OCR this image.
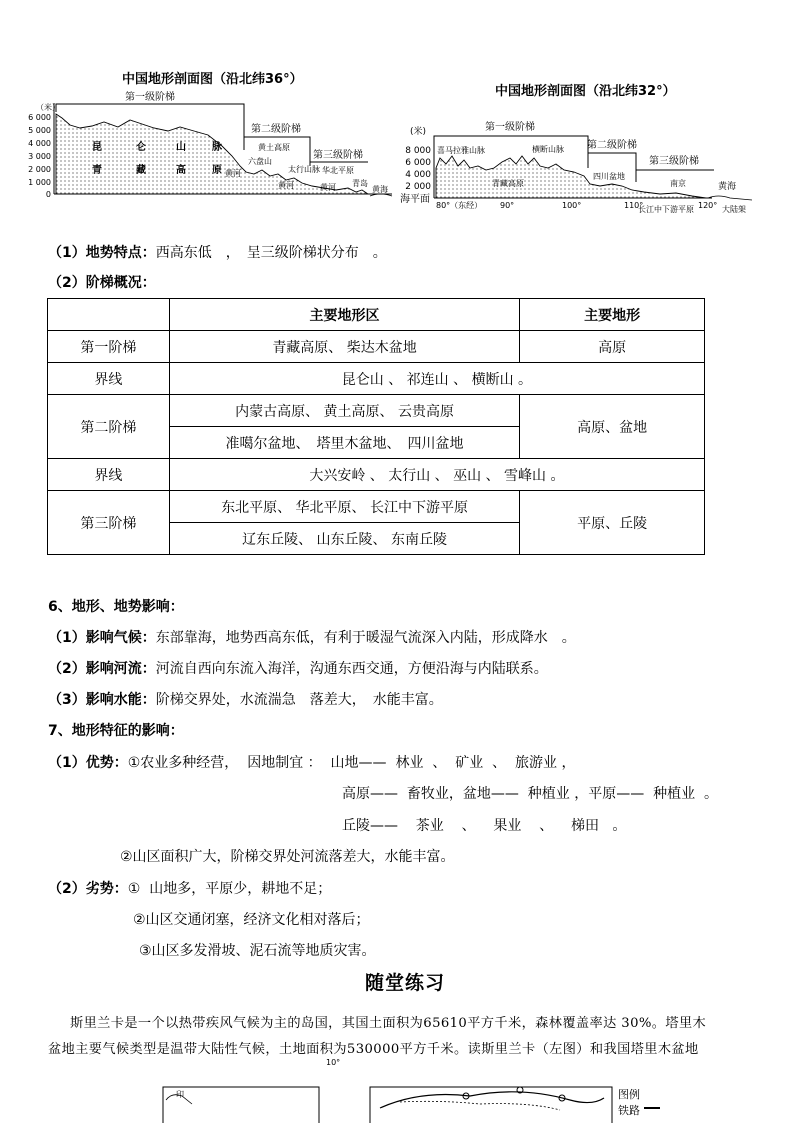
中国地形剖面图（沿北纬36°）
（米）
6 000
5 000
4 000
3 000
2 000
1 000
0
第一级阶梯
第二级阶梯
第三级阶梯
昆	仑	山	脉
青	藏	高	原 黄河
六盘山
黄土高原
太行山脉 华北平原
黄河	黄河 青岛
黄海
中国地形剖面图（沿北纬32°）
(米)
8 000
6 000
4 000
2 000
海平面
第一级阶梯
第二级阶梯
第三级阶梯
喜马拉雅山脉	横断山脉
青藏高原
四川盆地
南京	黄海
长江中下游平原	大陆架
80°（东经） 90°	100°	110°	120°
（1）地势特点：西高东低　，　呈三级阶梯状分布　。
（2）阶梯概况：
	主要地形区	主要地形
第一阶梯	青藏高原、 柴达木盆地	高原
界线	昆仑山 、 祁连山 、 横断山 。	
第二阶梯	内蒙古高原、 黄土高原、 云贵高原	高原、盆地
	准噶尔盆地、　塔里木盆地、　四川盆地	
界线	大兴安岭 、 太行山 、 巫山 、 雪峰山 。	
第三阶梯	东北平原、 华北平原、 长江中下游平原	平原、丘陵
	辽东丘陵、 山东丘陵、 东南丘陵	
6、地形、地势影响：
（1）影响气候：东部靠海，地势西高东低，有利于暖湿气流深入内陆，形成降水　。
（2）影响河流：河流自西向东流入海洋，沟通东西交通，方便沿海与内陆联系。
（3）影响水能：阶梯交界处，水流湍急　落差大，　水能丰富。
7、地形特征的影响：
（1）优势：①农业多种经营，  因地制宜 ：  山地——  林业  、  矿业  、  旅游业 ，
高原——  畜牧业，盆地——  种植业 ，平原——  种植业  。
丘陵——    茶业    、    果业    、    梯田   。
②山区面积广大，阶梯交界处河流落差大，水能丰富。
（2）劣势：①  山地多，平原少，耕地不足；
②山区交通闭塞，经济文化相对落后；
③山区多发滑坡、泥石流等地质灾害。
随堂练习
斯里兰卡是一个以热带疾风气候为主的岛国，其国土面积为65610平方千米，森林覆盖率达 30%。塔里木
盆地主要气候类型是温带大陆性气候，土地面积为530000平方千米。读斯里兰卡（左图）和我国塔里木盆地
10°
印	图例
铁路
